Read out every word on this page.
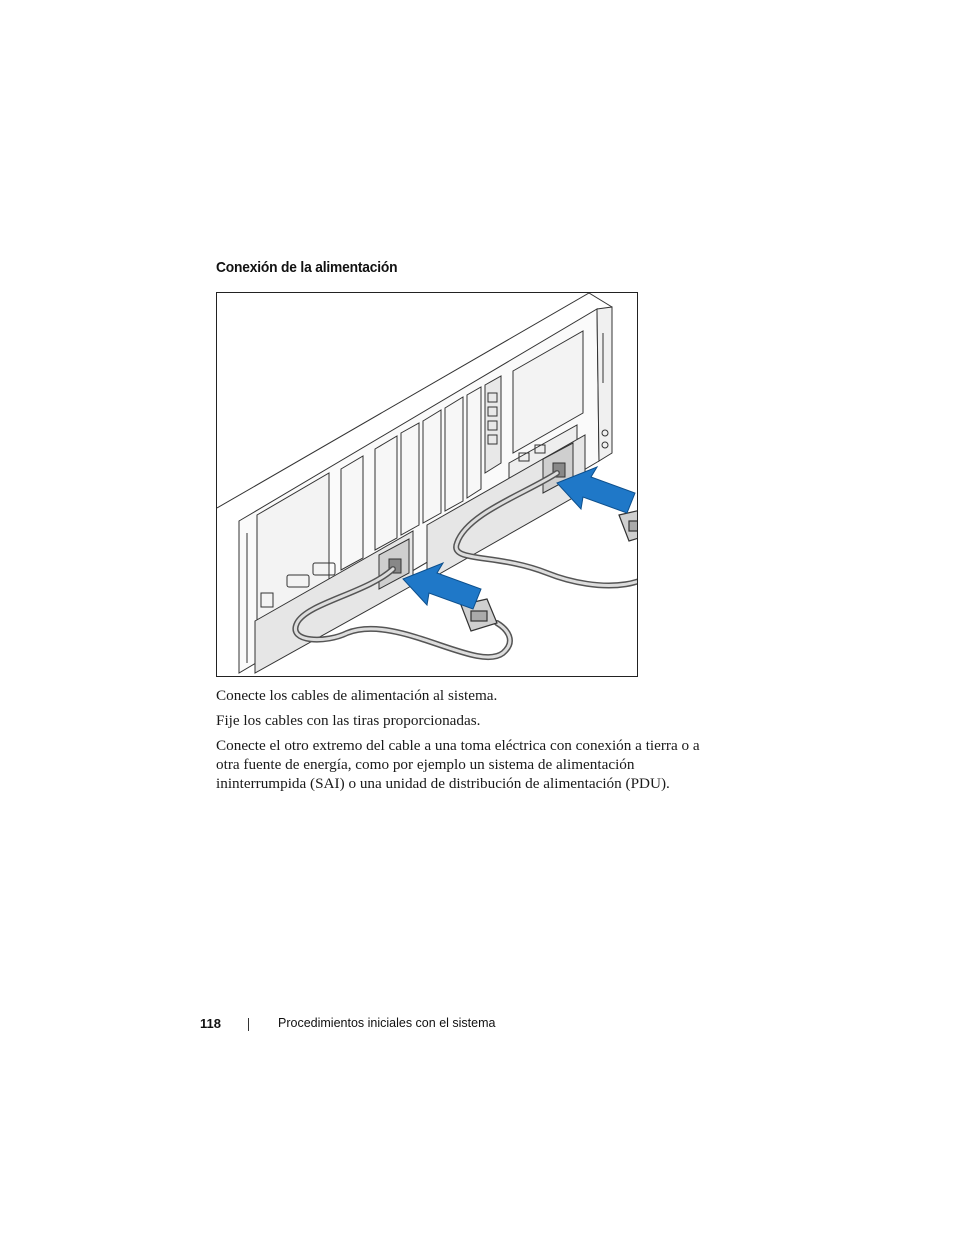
Conexión de la alimentación

Conecte los cables de alimentación al sistema.

Fije los cables con las tiras proporcionadas.

Conecte el otro extremo del cable a una toma eléctrica con conexión a tierra o a otra fuente de energía, como por ejemplo un sistema de alimentación ininterrumpida (SAI) o una unidad de distribución de alimentación (PDU).

118	Procedimientos iniciales con el sistema
